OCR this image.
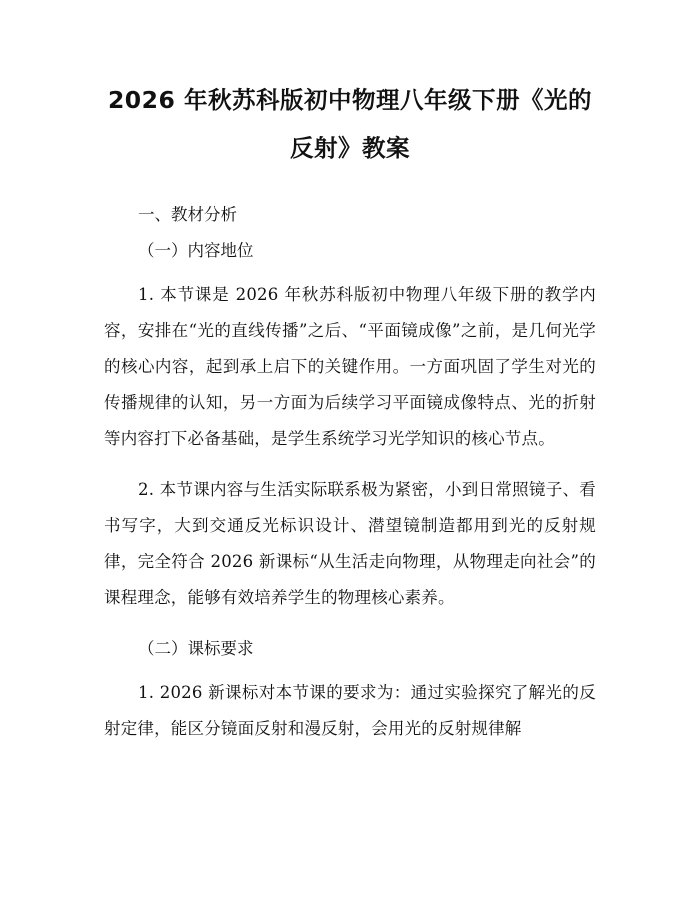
2026 年秋苏科版初中物理八年级下册《光的
反射》教案

一、教材分析

（一）内容地位

1. 本节课是 2026 年秋苏科版初中物理八年级下册的教学内容，安排在“光的直线传播”之后、“平面镜成像”之前，是几何光学的核心内容，起到承上启下的关键作用。一方面巩固了学生对光的传播规律的认知，另一方面为后续学习平面镜成像特点、光的折射等内容打下必备基础，是学生系统学习光学知识的核心节点。

2. 本节课内容与生活实际联系极为紧密，小到日常照镜子、看书写字，大到交通反光标识设计、潜望镜制造都用到光的反射规律，完全符合 2026 新课标“从生活走向物理，从物理走向社会”的课程理念，能够有效培养学生的物理核心素养。

（二）课标要求

1. 2026 新课标对本节课的要求为：通过实验探究了解光的反射定律，能区分镜面反射和漫反射，会用光的反射规律解
